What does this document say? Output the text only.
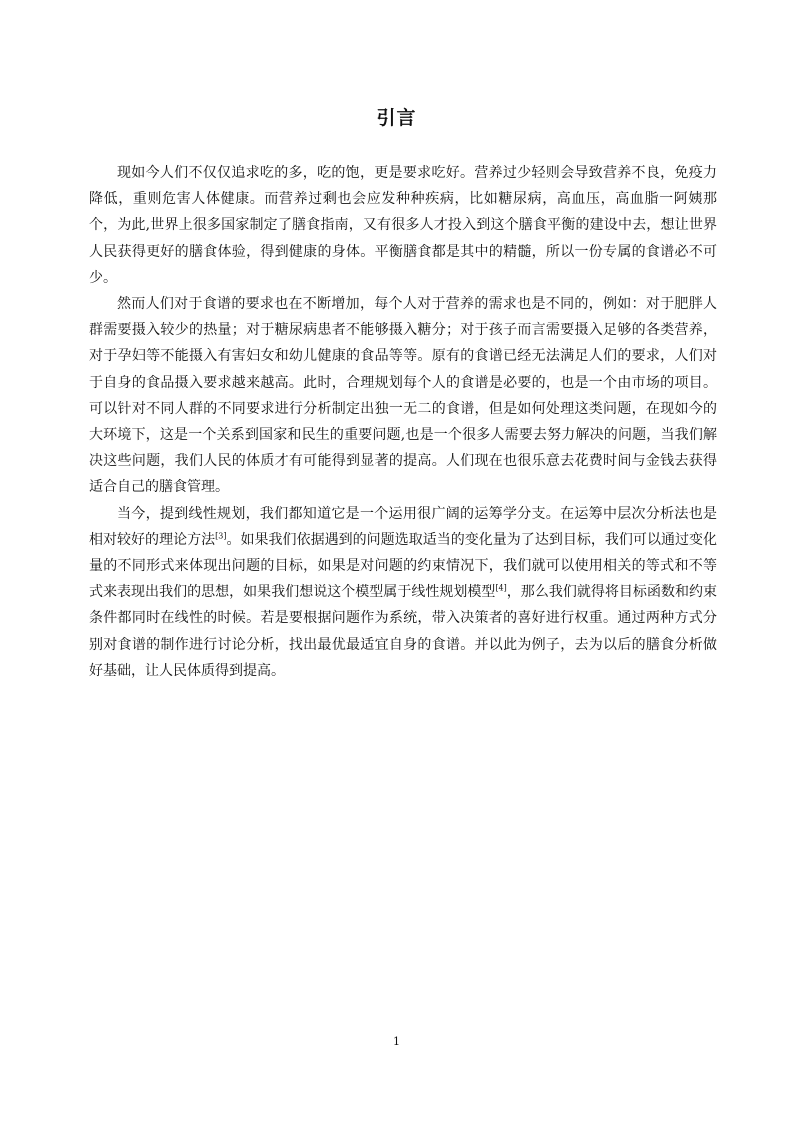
引言

现如今人们不仅仅追求吃的多，吃的饱，更是要求吃好。营养过少轻则会导致营养不良，免疫力降低，重则危害人体健康。而营养过剩也会应发种种疾病，比如糖尿病，高血压，高血脂一阿姨那个，为此,世界上很多国家制定了膳食指南，又有很多人才投入到这个膳食平衡的建设中去，想让世界人民获得更好的膳食体验，得到健康的身体。平衡膳食都是其中的精髓，所以一份专属的食谱必不可少。

然而人们对于食谱的要求也在不断增加，每个人对于营养的需求也是不同的，例如：对于肥胖人群需要摄入较少的热量；对于糖尿病患者不能够摄入糖分；对于孩子而言需要摄入足够的各类营养，对于孕妇等不能摄入有害妇女和幼儿健康的食品等等。原有的食谱已经无法满足人们的要求，人们对于自身的食品摄入要求越来越高。此时，合理规划每个人的食谱是必要的，也是一个由市场的项目。可以针对不同人群的不同要求进行分析制定出独一无二的食谱，但是如何处理这类问题，在现如今的大环境下，这是一个关系到国家和民生的重要问题,也是一个很多人需要去努力解决的问题，当我们解决这些问题，我们人民的体质才有可能得到显著的提高。人们现在也很乐意去花费时间与金钱去获得适合自己的膳食管理。

当今，提到线性规划，我们都知道它是一个运用很广阔的运筹学分支。在运筹中层次分析法也是相对较好的理论方法[3]。如果我们依据遇到的问题选取适当的变化量为了达到目标，我们可以通过变化量的不同形式来体现出问题的目标，如果是对问题的约束情况下，我们就可以使用相关的等式和不等式来表现出我们的思想，如果我们想说这个模型属于线性规划模型[4]，那么我们就得将目标函数和约束条件都同时在线性的时候。若是要根据问题作为系统，带入决策者的喜好进行权重。通过两种方式分别对食谱的制作进行讨论分析，找出最优最适宜自身的食谱。并以此为例子，去为以后的膳食分析做好基础，让人民体质得到提高。

1
